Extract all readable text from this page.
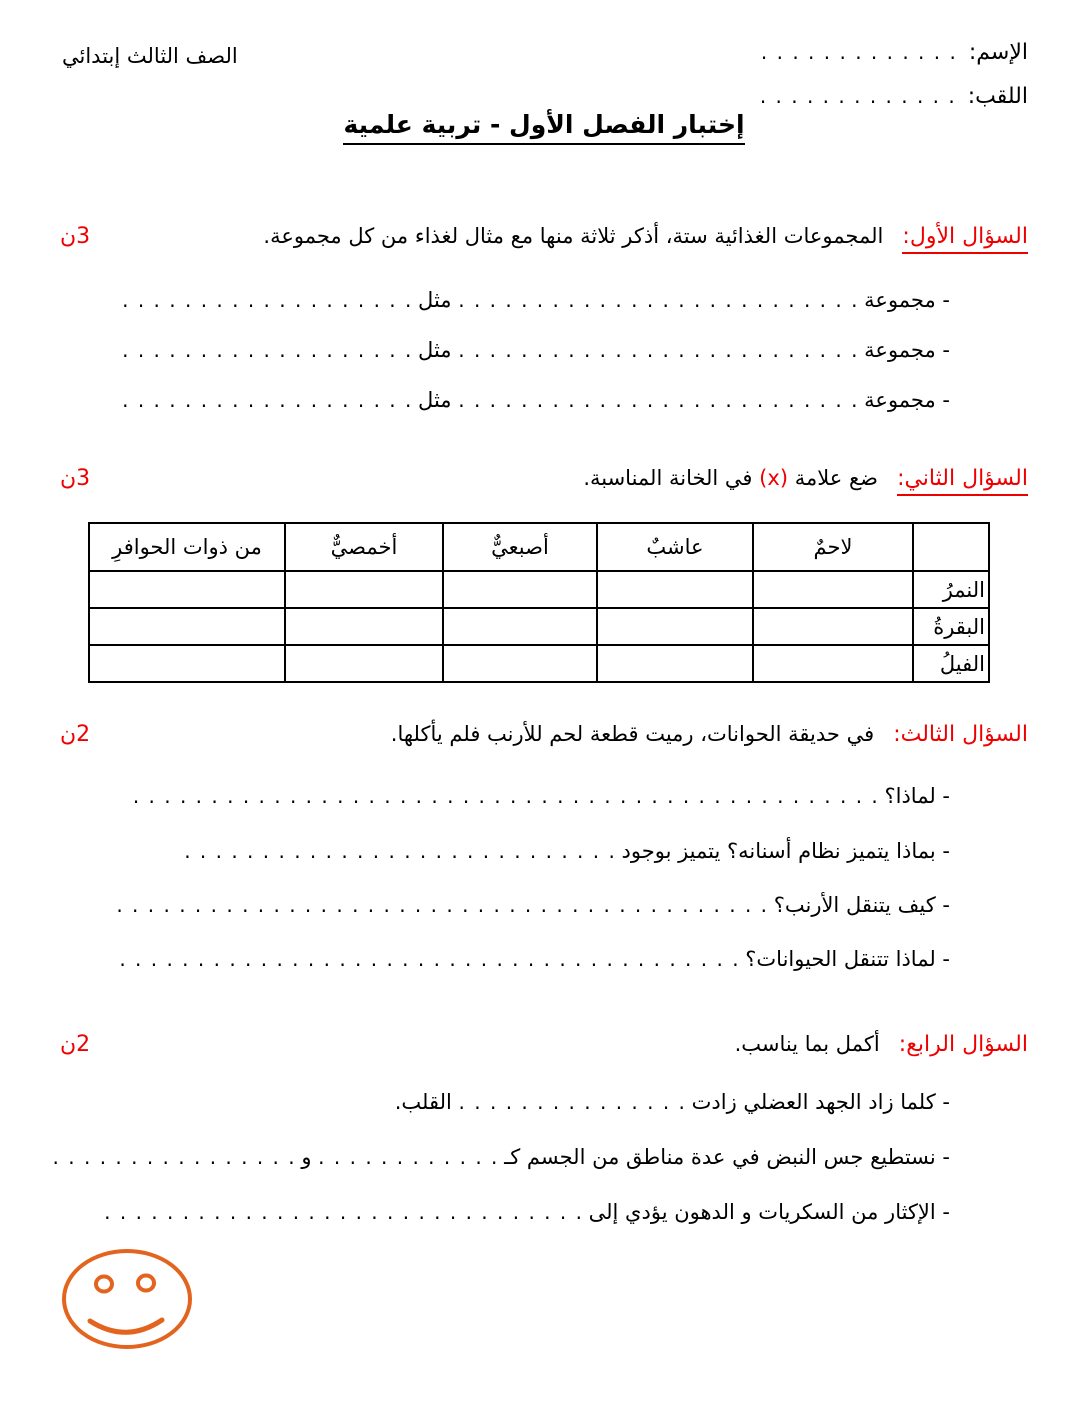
الإسم: . . . . . . . . . . . . .
اللقب: . . . . . . . . . . . . .
الصف الثالث إبتدائي
إختبار الفصل الأول - تربية علمية
السؤال الأول: المجموعات الغذائية ستة، أذكر ثلاثة منها مع مثال لغذاء من كل مجموعة.
3ن
- مجموعة . . . . . . . . . . . . . . . . . . . . . . . . . . مثل . . . . . . . . . . . . . . . . . . .
- مجموعة . . . . . . . . . . . . . . . . . . . . . . . . . . مثل . . . . . . . . . . . . . . . . . . .
- مجموعة . . . . . . . . . . . . . . . . . . . . . . . . . . مثل . . . . . . . . . . . . . . . . . . .
السؤال الثاني: ضع علامة (x) في الخانة المناسبة.
3ن
	لاحمٌ	عاشبٌ	أصبعيٌّ	أخمصيٌّ	من ذوات الحوافرِ
النمرُ					
البقرةُ					
الفيلُ					
السؤال الثالث: في حديقة الحوانات، رميت قطعة لحم للأرنب فلم يأكلها.
2ن
- لماذا؟ . . . . . . . . . . . . . . . . . . . . . . . . . . . . . . . . . . . . . . . . . . . . . . . .
- بماذا يتميز نظام أسنانه؟ يتميز بوجود . . . . . . . . . . . . . . . . . . . . . . . . . . . .
- كيف يتنقل الأرنب؟ . . . . . . . . . . . . . . . . . . . . . . . . . . . . . . . . . . . . . . . . . .
- لماذا تتنقل الحيوانات؟ . . . . . . . . . . . . . . . . . . . . . . . . . . . . . . . . . . . . . . . .
السؤال الرابع: أكمل بما يناسب.
2ن
- كلما زاد الجهد العضلي زادت . . . . . . . . . . . . . . . القلب.
- نستطيع جس النبض في عدة مناطق من الجسم كـ . . . . . . . . . . . . و . . . . . . . . . . . . . . . .
- الإكثار من السكريات و الدهون يؤدي إلى . . . . . . . . . . . . . . . . . . . . . . . . . . . . . . .
